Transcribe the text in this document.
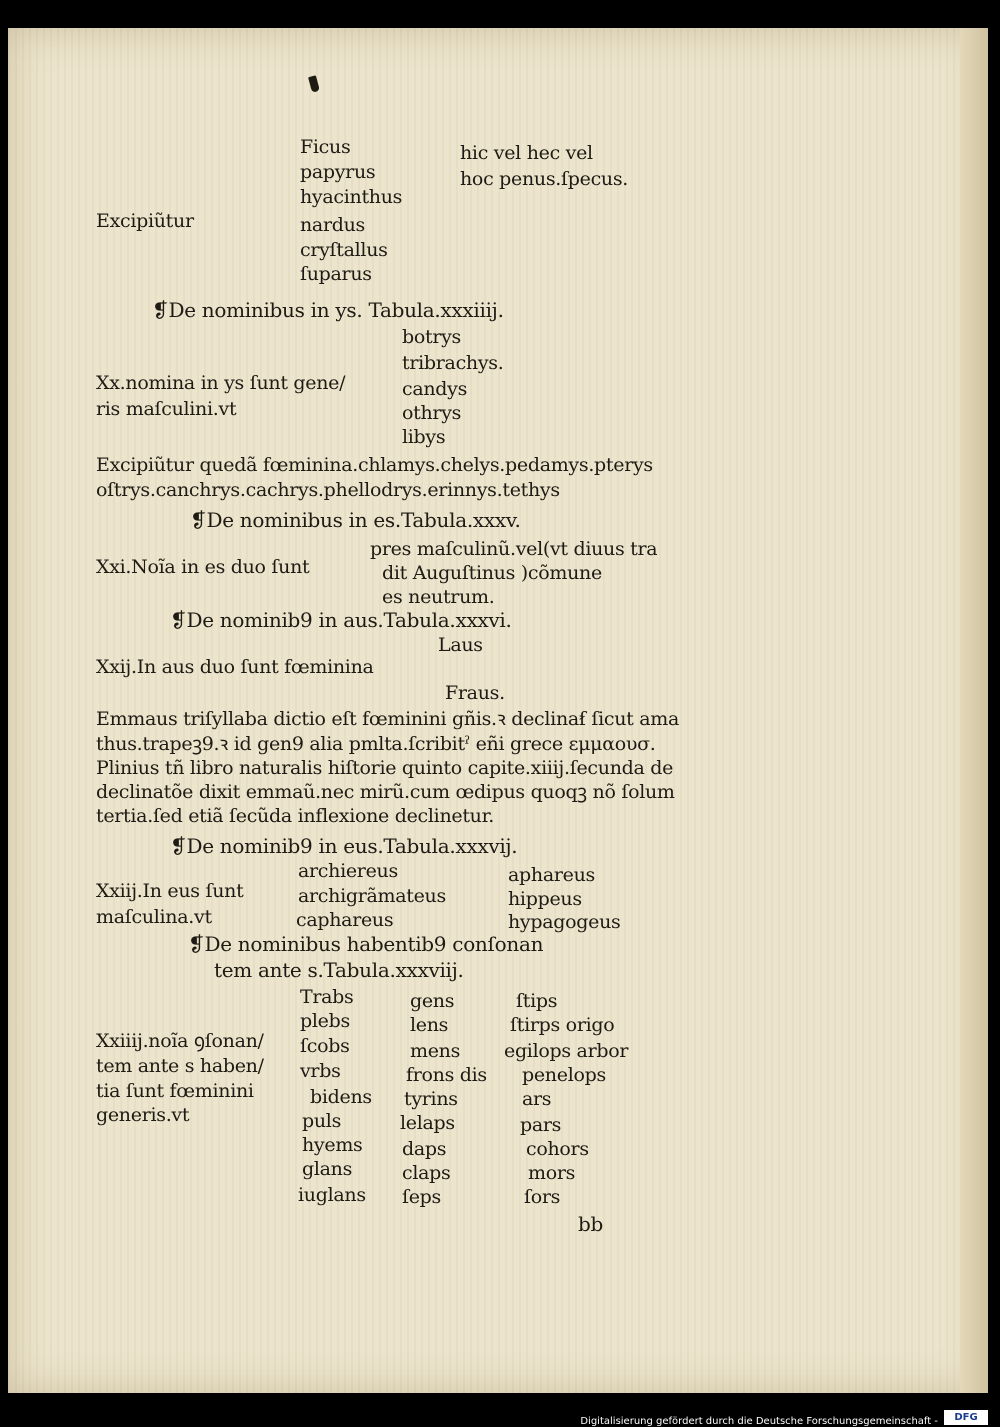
Ficus
papyrus
hyacinthus
nardus
cryſtallus
ſuparus
hic vel hec vel
hoc penus.ſpecus.
Excipiũtur
❡De nominibus in ys. Tabula.xxxiiij.
botrys
tribrachys.
candys
othrys
libys
Xx.nomina in ys ſunt gene/
ris maſculini.vt
Excipiũtur quedã fœminina.chlamys.chelys.pedamys.pterys
oſtrys.canchrys.cachrys.phellodrys.erinnys.tethys
❡De nominibus in es.Tabula.xxxv.
pres maſculinũ.vel(vt diuus tra
dit Auguſtinus )cõmune
es neutrum.
Xxi.Noĩa in es duo ſunt
❡De nominib9 in aus.Tabula.xxxvi.
Laus
Xxij.In aus duo ſunt fœminina
Fraus.
Emmaus triſyllaba dictio eſt fœminini gñis.ꝛ declinaẜ ſicut ama
thus.trapeꝫ9.ꝛ id gen9 alia pmlta.ſcribitˀ eñi grece εμμαουσ.
Plinius tñ libro naturalis hiſtorie quinto capite.xiiij.ſecunda de
declinatõe dixit emmaũ.nec mirũ.cum œdipus quoqꝫ nõ ſolum
tertia.ſed etiã ſecũda inflexione declinetur.
❡De nominib9 in eus.Tabula.xxxvij.
archiereus
archigrãmateus
caphareus
aphareus
hippeus
hypagogeus
Xxiij.In eus ſunt
maſculina.vt
❡De nominibus habentib9 conſonan
tem ante s.Tabula.xxxviij.
Xxiiij.noĩa ꝯſonan/
tem ante s haben/
tia ſunt fœminini
generis.vt
Trabs
plebs
ſcobs
vrbs
bidens
puls
hyems
glans
iuglans
gens
lens
mens
frons dis
tyrins
lelaps
daps
claps
ſeps
ſtips
ſtirps origo
egilops arbor
penelops
ars
pars
cohors
mors
ſors
bb
Digitalisierung gefördert durch die Deutsche Forschungsgemeinschaft -	DFG
